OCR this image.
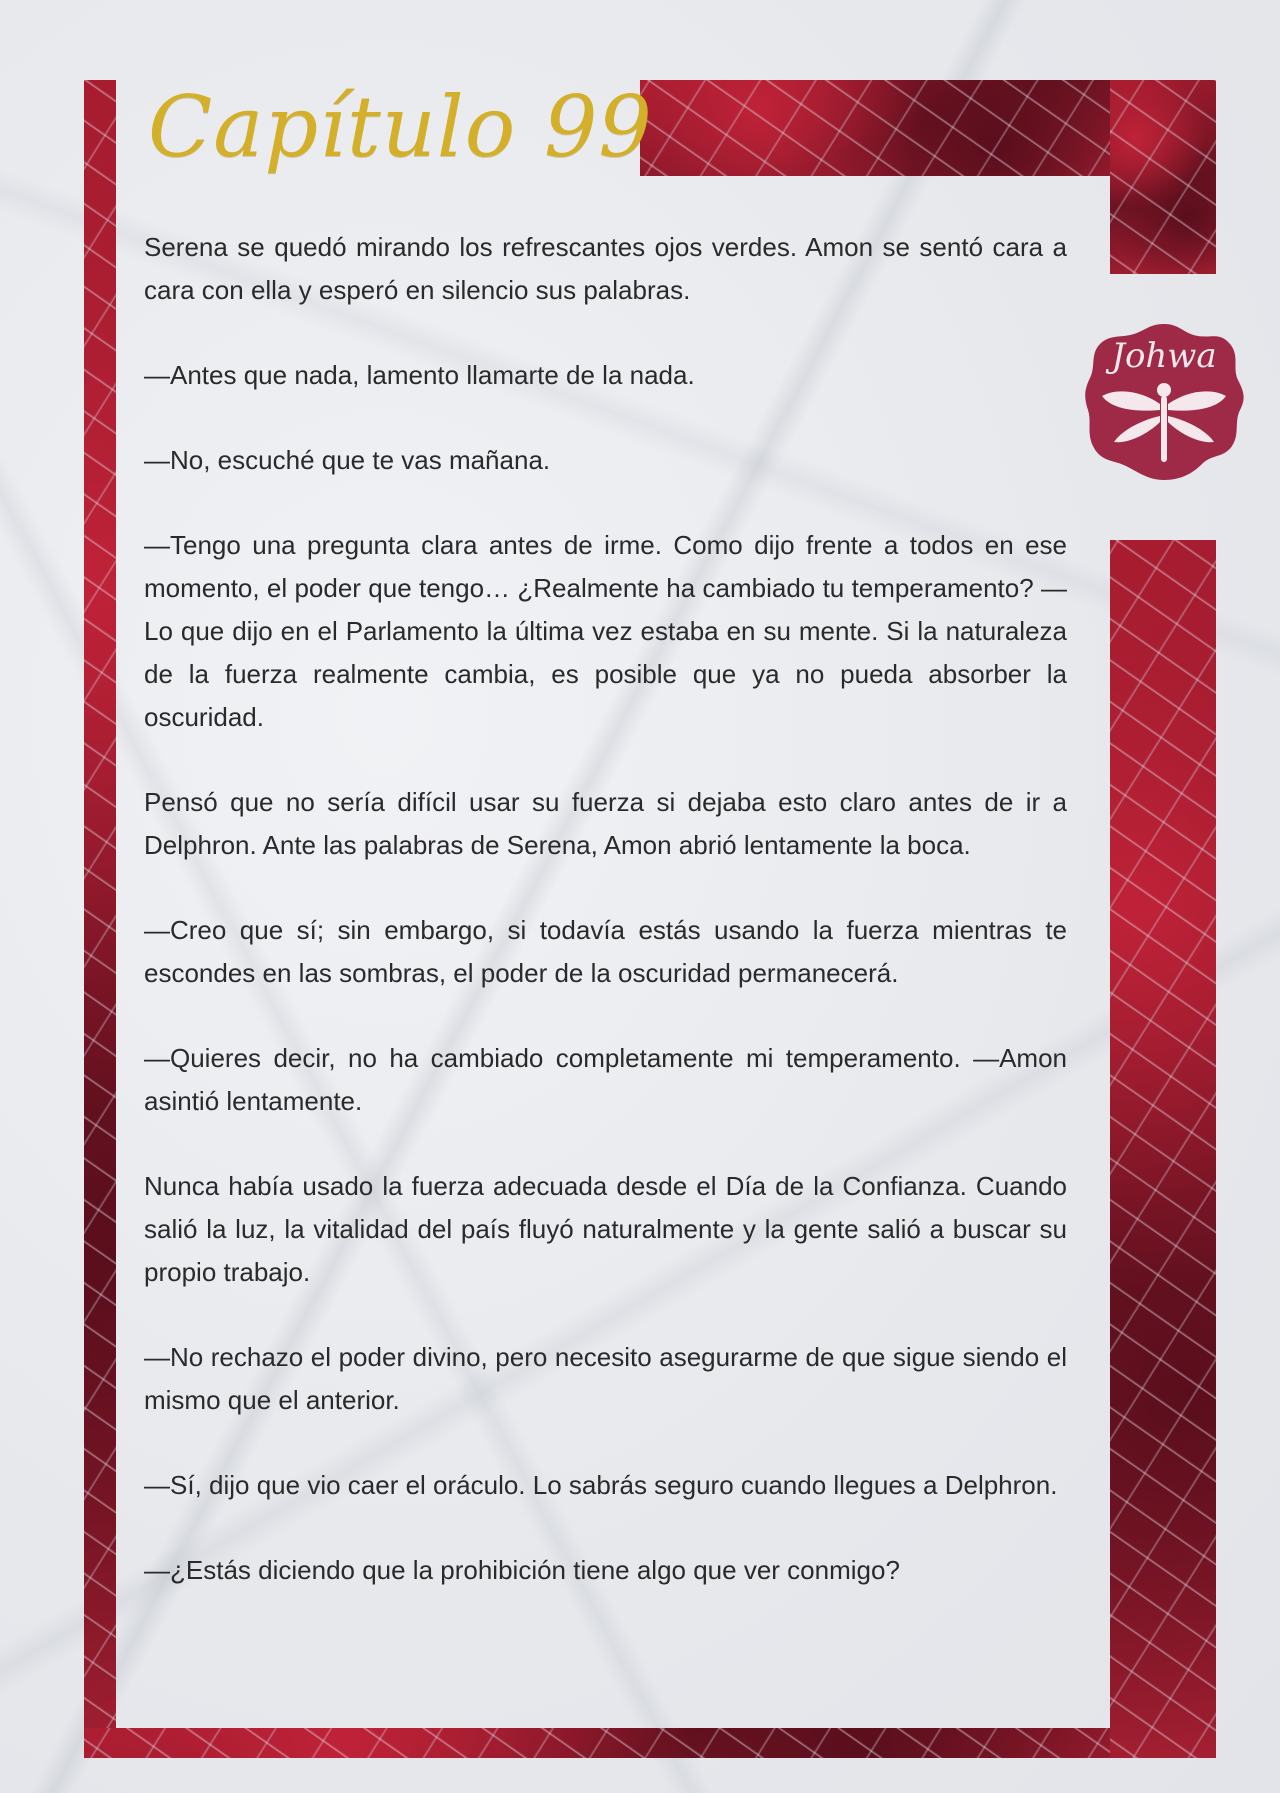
Capítulo 99
Johwa

Serena se quedó mirando los refrescantes ojos verdes. Amon se sentó cara a cara con ella y esperó en silencio sus palabras.

—Antes que nada, lamento llamarte de la nada.

—No, escuché que te vas mañana.

—Tengo una pregunta clara antes de irme. Como dijo frente a todos en ese momento, el poder que tengo… ¿Realmente ha cambiado tu temperamento? —Lo que dijo en el Parlamento la última vez estaba en su mente. Si la naturaleza de la fuerza realmente cambia, es posible que ya no pueda absorber la oscuridad.

Pensó que no sería difícil usar su fuerza si dejaba esto claro antes de ir a Delphron. Ante las palabras de Serena, Amon abrió lentamente la boca.

—Creo que sí; sin embargo, si todavía estás usando la fuerza mientras te escondes en las sombras, el poder de la oscuridad permanecerá.

—Quieres decir, no ha cambiado completamente mi temperamento. —Amon asintió lentamente.

Nunca había usado la fuerza adecuada desde el Día de la Confianza. Cuando salió la luz, la vitalidad del país fluyó naturalmente y la gente salió a buscar su propio trabajo.

—No rechazo el poder divino, pero necesito asegurarme de que sigue siendo el mismo que el anterior.

—Sí, dijo que vio caer el oráculo. Lo sabrás seguro cuando llegues a Delphron.

—¿Estás diciendo que la prohibición tiene algo que ver conmigo?
